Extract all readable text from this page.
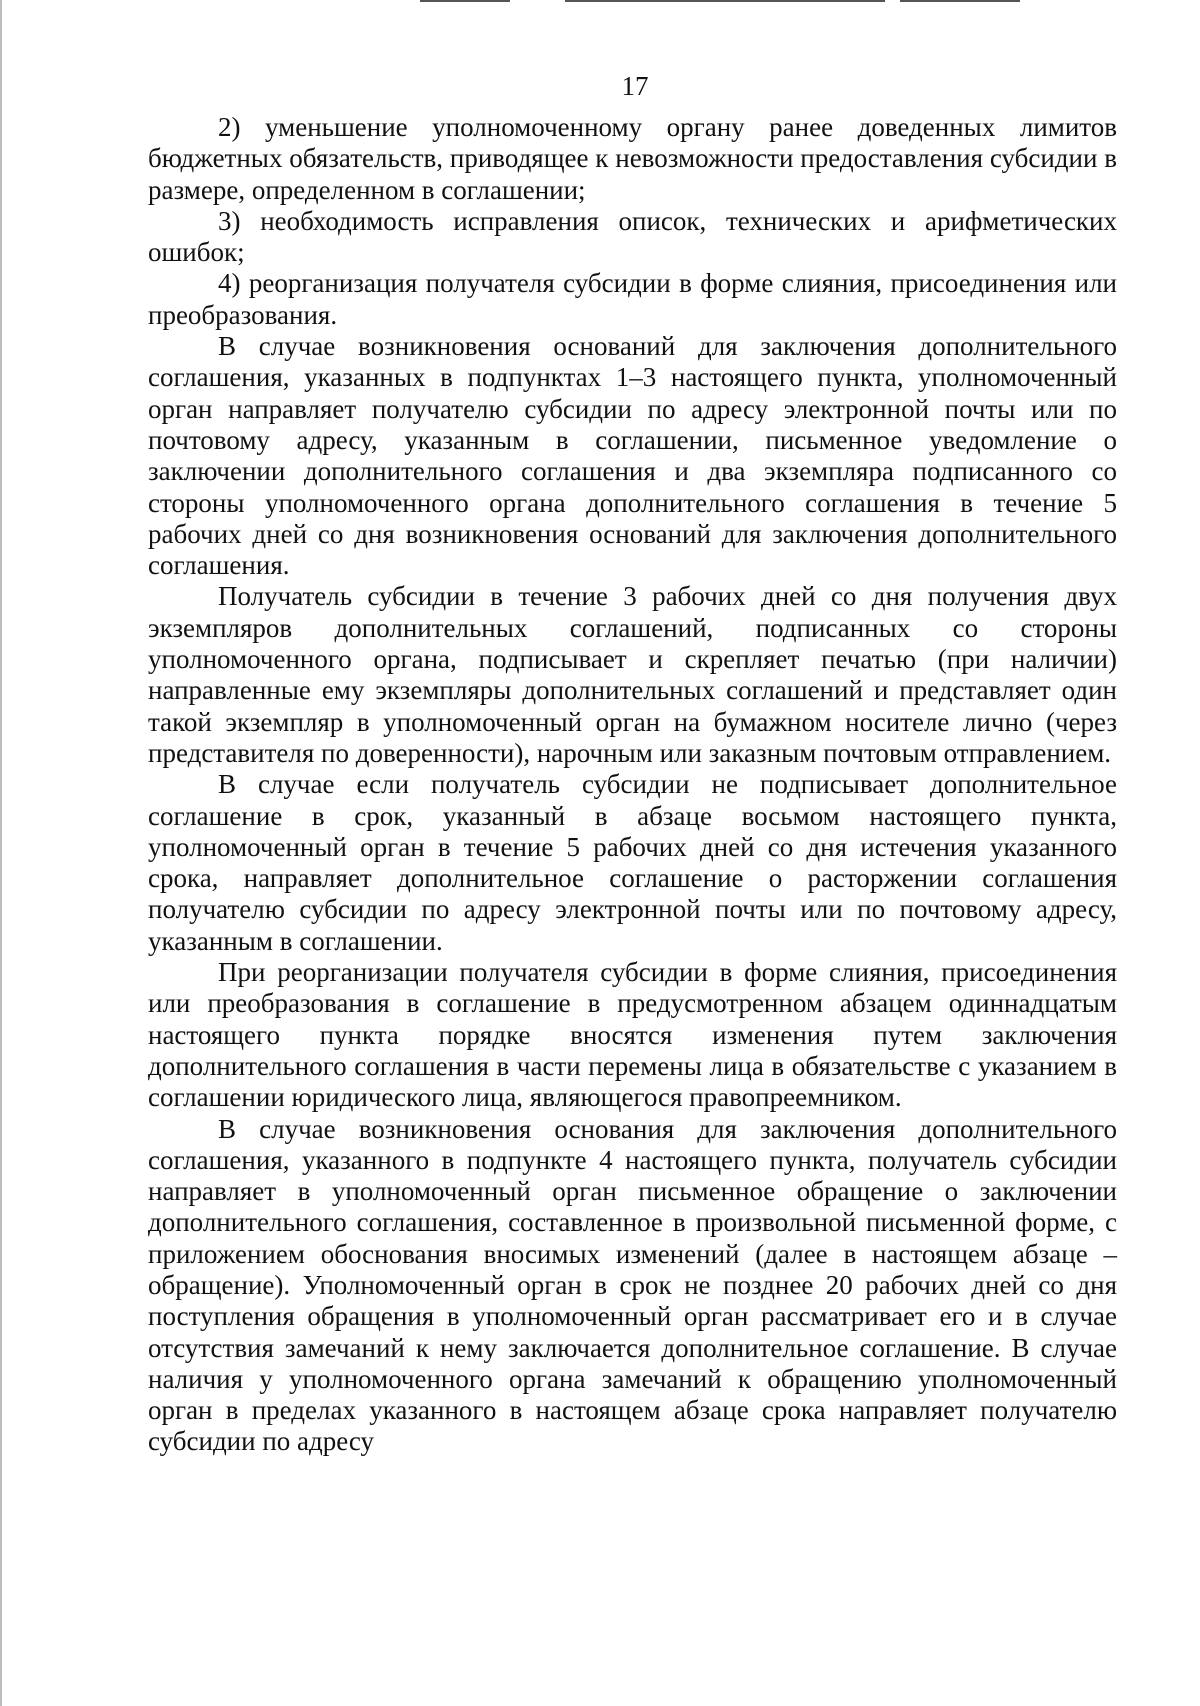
17

2) уменьшение уполномоченному органу ранее доведенных лимитов бюджетных обязательств, приводящее к невозможности предоставления субсидии в размере, определенном в соглашении;

3) необходимость исправления описок, технических и арифметических ошибок;

4) реорганизация получателя субсидии в форме слияния, присоединения или преобразования.

В случае возникновения оснований для заключения дополнительного соглашения, указанных в подпунктах 1–3 настоящего пункта, уполномоченный орган направляет получателю субсидии по адресу электронной почты или по почтовому адресу, указанным в соглашении, письменное уведомление о заключении дополнительного соглашения и два экземпляра подписанного со стороны уполномоченного органа дополнительного соглашения в течение 5 рабочих дней со дня возникновения оснований для заключения дополнительного соглашения.

Получатель субсидии в течение 3 рабочих дней со дня получения двух экземпляров дополнительных соглашений, подписанных со стороны уполномоченного органа, подписывает и скрепляет печатью (при наличии) направленные ему экземпляры дополнительных соглашений и представляет один такой экземпляр в уполномоченный орган на бумажном носителе лично (через представителя по доверенности), нарочным или заказным почтовым отправлением.

В случае если получатель субсидии не подписывает дополнительное соглашение в срок, указанный в абзаце восьмом настоящего пункта, уполномоченный орган в течение 5 рабочих дней со дня истечения указанного срока, направляет дополнительное соглашение о расторжении соглашения получателю субсидии по адресу электронной почты или по почтовому адресу, указанным в соглашении.

При реорганизации получателя субсидии в форме слияния, присоединения или преобразования в соглашение в предусмотренном абзацем одиннадцатым настоящего пункта порядке вносятся изменения путем заключения дополнительного соглашения в части перемены лица в обязательстве с указанием в соглашении юридического лица, являющегося правопреемником.

В случае возникновения основания для заключения дополнительного соглашения, указанного в подпункте 4 настоящего пункта, получатель субсидии направляет в уполномоченный орган письменное обращение о заключении дополнительного соглашения, составленное в произвольной письменной форме, с приложением обоснования вносимых изменений (далее в настоящем абзаце – обращение). Уполномоченный орган в срок не позднее 20 рабочих дней со дня поступления обращения в уполномоченный орган рассматривает его и в случае отсутствия замечаний к нему заключается дополнительное соглашение. В случае наличия у уполномоченного органа замечаний к обращению уполномоченный орган в пределах указанного в настоящем абзаце срока направляет получателю субсидии по адресу
